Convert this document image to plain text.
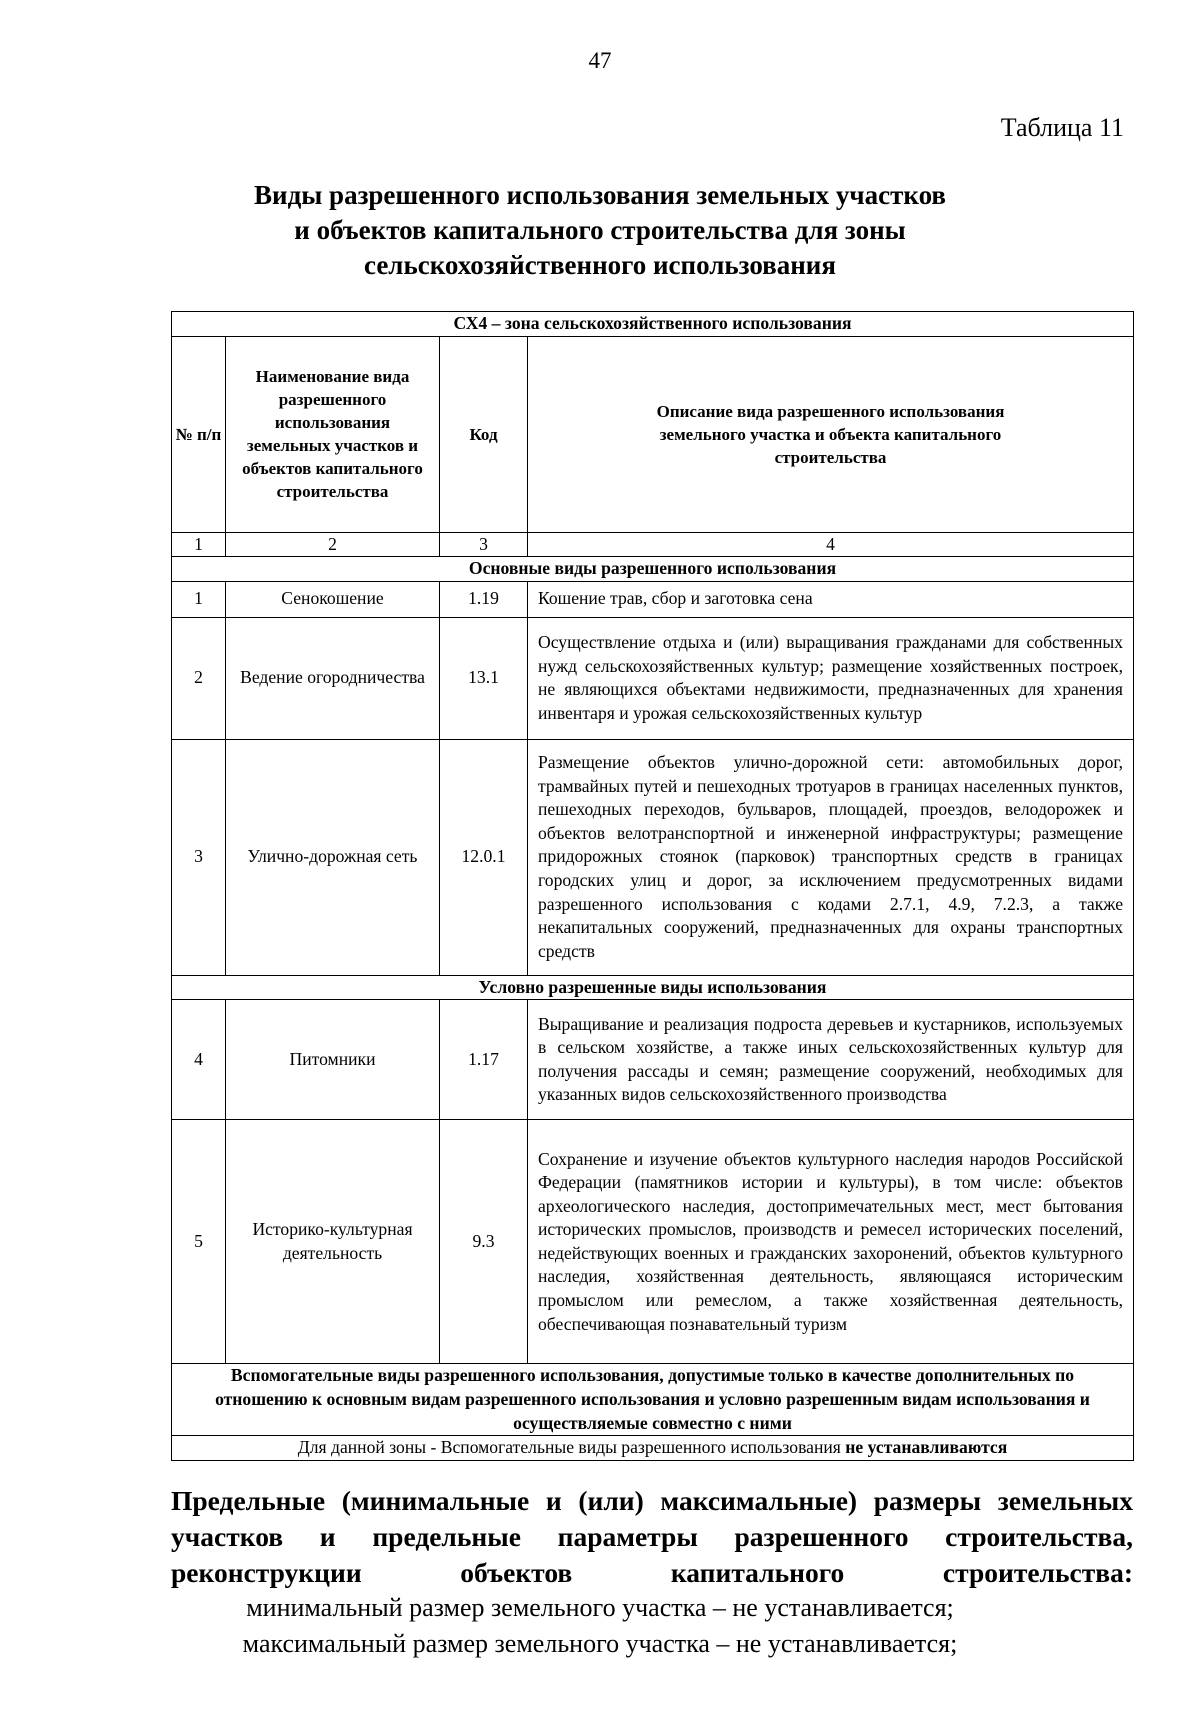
47
Таблица 11
Виды разрешенного использования земельных участков
и объектов капитального строительства для зоны
сельскохозяйственного использования
СХ4 – зона сельскохозяйственного использования			
№ п/п	Наименование вида разрешенного использования земельных участков и объектов капитального строительства	Код	Описание вида разрешенного использования земельного участка и объекта капитального строительства
1	2	3	4
Основные виды разрешенного использования			
1	Сенокошение	1.19	Кошение трав, сбор и заготовка сена
2	Ведение огородничества	13.1	Осуществление отдыха и (или) выращивания гражданами для собственных нужд сельскохозяйственных культур; размещение хозяйственных построек, не являющихся объектами недвижимости, предназначенных для хранения инвентаря и урожая сельскохозяйственных культур
3	Улично-дорожная сеть	12.0.1	Размещение объектов улично-дорожной сети: автомобильных дорог, трамвайных путей и пешеходных тротуаров в границах населенных пунктов, пешеходных переходов, бульваров, площадей, проездов, велодорожек и объектов велотранспортной и инженерной инфраструктуры; размещение придорожных стоянок (парковок) транспортных средств в границах городских улиц и дорог, за исключением предусмотренных видами разрешенного использования с кодами 2.7.1, 4.9, 7.2.3, а также некапитальных сооружений, предназначенных для охраны транспортных средств
Условно разрешенные виды использования			
4	Питомники	1.17	Выращивание и реализация подроста деревьев и кустарников, используемых в сельском хозяйстве, а также иных сельскохозяйственных культур для получения рассады и семян; размещение сооружений, необходимых для указанных видов сельскохозяйственного производства
5	Историко-культурная деятельность	9.3	Сохранение и изучение объектов культурного наследия народов Российской Федерации (памятников истории и культуры), в том числе: объектов археологического наследия, достопримечательных мест, мест бытования исторических промыслов, производств и ремесел исторических поселений, недействующих военных и гражданских захоронений, объектов культурного наследия, хозяйственная деятельность, являющаяся историческим промыслом или ремеслом, а также хозяйственная деятельность, обеспечивающая познавательный туризм
Вспомогательные виды разрешенного использования, допустимые только в качестве дополнительных по отношению к основным видам разрешенного использования и условно разрешенным видам использования и осуществляемые совместно с ними			
Для данной зоны - Вспомогательные виды разрешенного использования не устанавливаются			
Предельные (минимальные и (или) максимальные) размеры земельных участков и предельные параметры разрешенного строительства, реконструкции объектов капитального строительства:
минимальный размер земельного участка – не устанавливается;
максимальный размер земельного участка – не устанавливается;
